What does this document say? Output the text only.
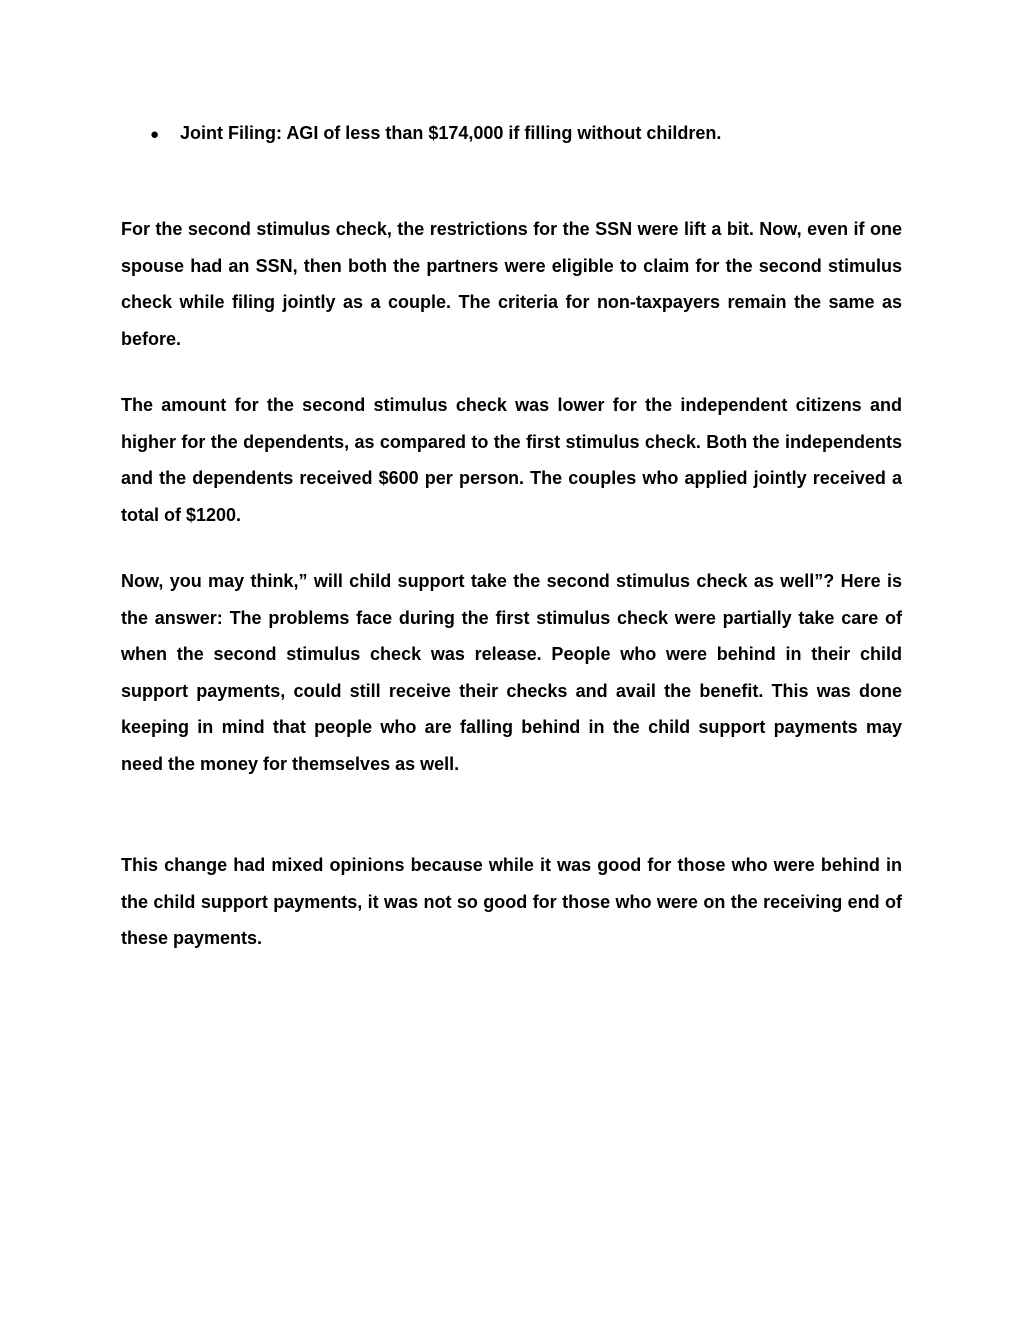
●	Joint Filing: AGI of less than $174,000 if filling without children.

For the second stimulus check, the restrictions for the SSN were lift a bit. Now, even if one spouse had an SSN, then both the partners were eligible to claim for the second stimulus check while filing jointly as a couple. The criteria for non-taxpayers remain the same as before.

The amount for the second stimulus check was lower for the independent citizens and higher for the dependents, as compared to the first stimulus check. Both the independents and the dependents received $600 per person. The couples who applied jointly received a total of $1200.

Now, you may think,” will child support take the second stimulus check as well”? Here is the answer: The problems face during the first stimulus check were partially take care of when the second stimulus check was release. People who were behind in their child support payments, could still receive their checks and avail the benefit. This was done keeping in mind that people who are falling behind in the child support payments may need the money for themselves as well.

This change had mixed opinions because while it was good for those who were behind in the child support payments, it was not so good for those who were on the receiving end of these payments.
